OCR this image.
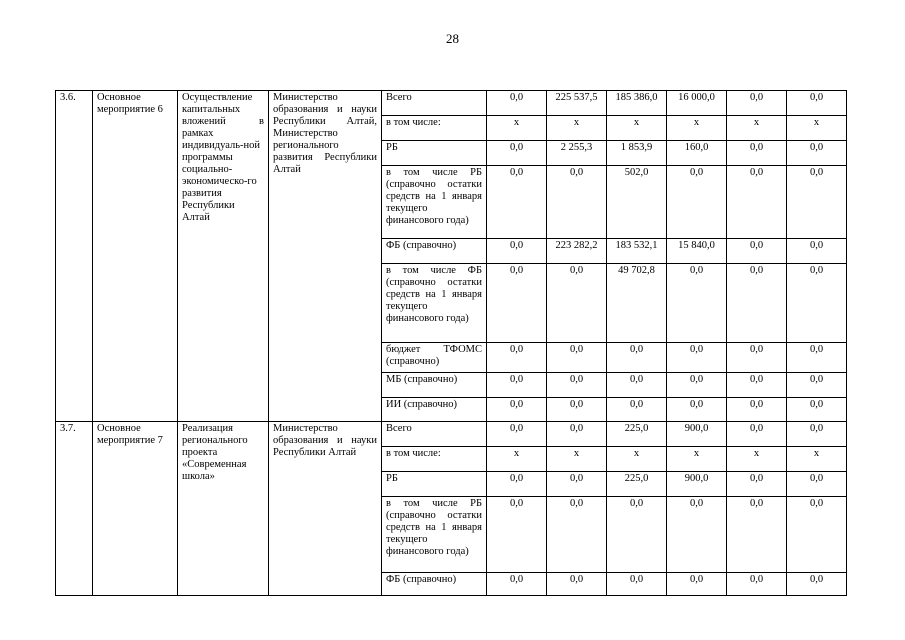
28
3.6.	Основное мероприятие 6	Осуществление капитальных вложений в рамках индивидуаль-ной программы социально-экономическо-го развития Республики Алтай	Министерство образования и науки Республики Алтай, Министерство регионального развития Республики Алтай	Всего	0,0	225 537,5	185 386,0	16 000,0	0,0	0,0
				в том числе:	x	x	x	x	x	x
				РБ	0,0	2 255,3	1 853,9	160,0	0,0	0,0
				в том числе РБ (справочно остатки средств на 1 января текущего финансового года)	0,0	0,0	502,0	0,0	0,0	0,0
				ФБ (справочно)	0,0	223 282,2	183 532,1	15 840,0	0,0	0,0
				в том числе ФБ (справочно остатки средств на 1 января текущего финансового года)	0,0	0,0	49 702,8	0,0	0,0	0,0
				бюджет ТФОМС (справочно)	0,0	0,0	0,0	0,0	0,0	0,0
				МБ (справочно)	0,0	0,0	0,0	0,0	0,0	0,0
				ИИ (справочно)	0,0	0,0	0,0	0,0	0,0	0,0
3.7.	Основное мероприятие 7	Реализация регионального проекта «Современная школа»	Министерство образования и науки Республики Алтай	Всего	0,0	0,0	225,0	900,0	0,0	0,0
				в том числе:	x	x	x	x	x	x
				РБ	0,0	0,0	225,0	900,0	0,0	0,0
				в том числе РБ (справочно остатки средств на 1 января текущего финансового года)	0,0	0,0	0,0	0,0	0,0	0,0
				ФБ (справочно)	0,0	0,0	0,0	0,0	0,0	0,0
